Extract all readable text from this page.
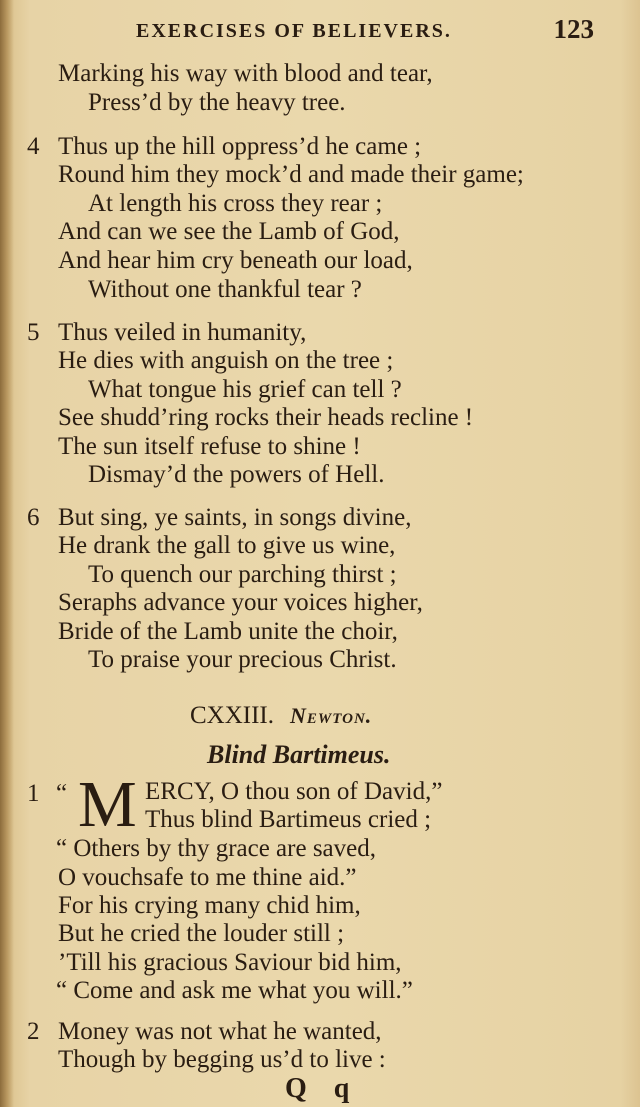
EXERCISES OF BELIEVERS.	123
Marking his way with blood and tear,
Press’d by the heavy tree.
4 Thus up the hill oppress’d he came ;
Round him they mock’d and made their game;
At length his cross they rear ;
And can we see the Lamb of God,
And hear him cry beneath our load,
Without one thankful tear ?
5 Thus veiled in humanity,
He dies with anguish on the tree ;
What tongue his grief can tell ?
See shudd’ring rocks their heads recline !
The sun itself refuse to shine !
Dismay’d the powers of Hell.
6 But sing, ye saints, in songs divine,
He drank the gall to give us wine,
To quench our parching thirst ;
Seraphs advance your voices higher,
Bride of the Lamb unite the choir,
To praise your precious Christ.
CXXIII. Newton.
Blind Bartimeus.
1 “ M ERCY, O thou son of David,”
Thus blind Bartimeus cried ;
“ Others by thy grace are saved,
O vouchsafe to me thine aid.”
For his crying many chid him,
But he cried the louder still ;
’Till his gracious Saviour bid him,
“ Come and ask me what you will.”
2 Money was not what he wanted,
Though by begging us’d to live :
Q q
